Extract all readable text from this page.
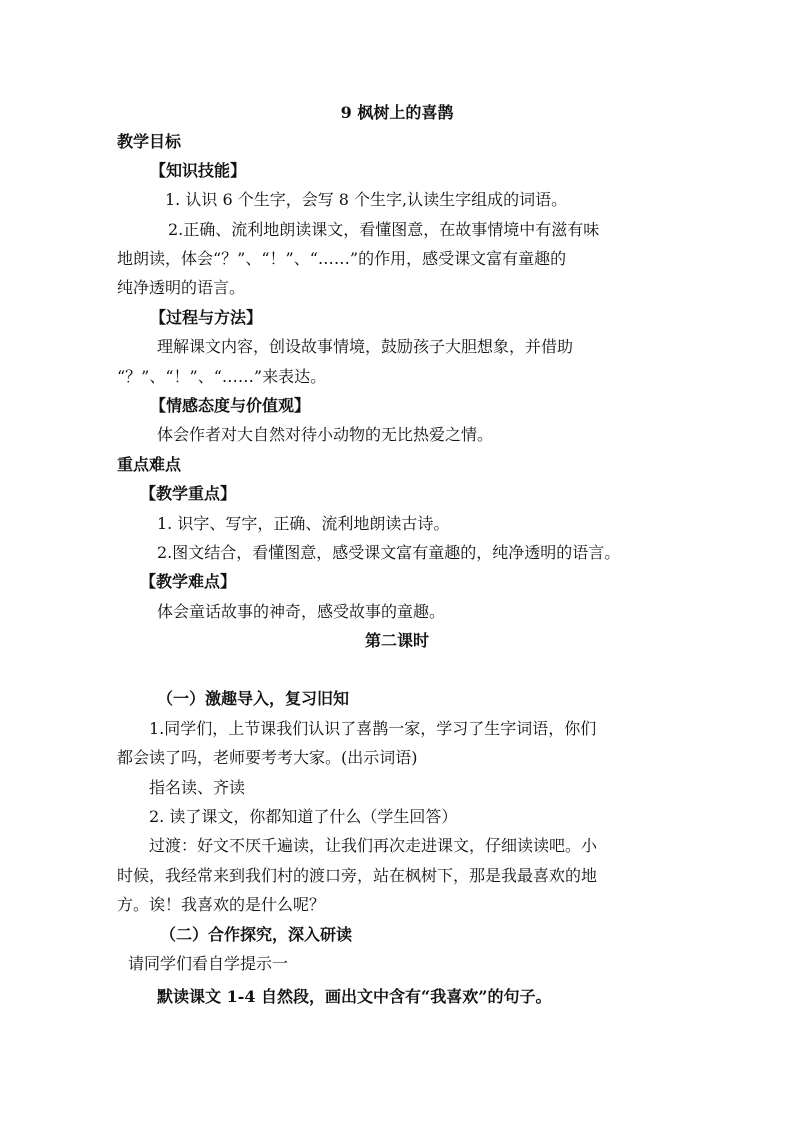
9 枫树上的喜鹊
教学目标
【知识技能】
1. 认识 6 个生字，会写 8 个生字,认读生字组成的词语。
2.正确、流利地朗读课文，看懂图意，在故事情境中有滋有味
地朗读，体会“？”、“！”、“……”的作用，感受课文富有童趣的
纯净透明的语言。
【过程与方法】
理解课文内容，创设故事情境，鼓励孩子大胆想象，并借助
“？”、“！”、“……”来表达。
【情感态度与价值观】
体会作者对大自然对待小动物的无比热爱之情。
重点难点
【教学重点】
1. 识字、写字，正确、流利地朗读古诗。
2.图文结合，看懂图意，感受课文富有童趣的，纯净透明的语言。
【教学难点】
体会童话故事的神奇，感受故事的童趣。
第二课时
（一）激趣导入，复习旧知
1.同学们，上节课我们认识了喜鹊一家，学习了生字词语，你们
都会读了吗，老师要考考大家。(出示词语)
指名读、齐读
2. 读了课文，你都知道了什么（学生回答）
过渡：好文不厌千遍读，让我们再次走进课文，仔细读读吧。小
时候，我经常来到我们村的渡口旁，站在枫树下，那是我最喜欢的地
方。诶！我喜欢的是什么呢？
（二）合作探究，深入研读
请同学们看自学提示一
默读课文 1-4 自然段，画出文中含有“我喜欢”的句子。
